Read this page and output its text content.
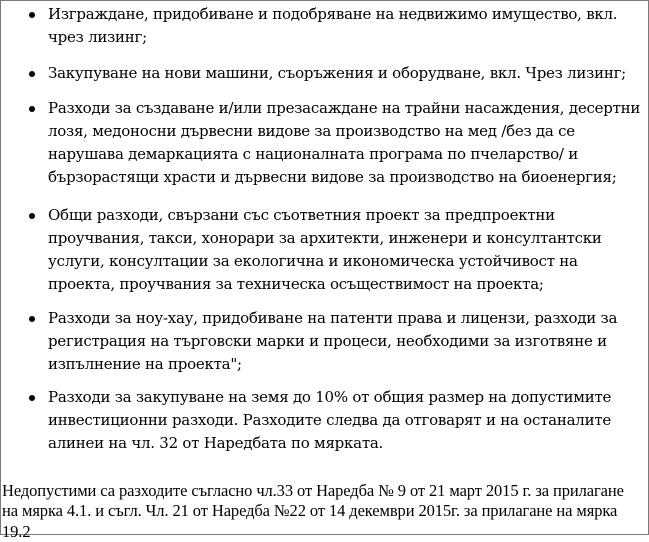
Изграждане, придобиване и подобряване на недвижимо имущество, вкл. чрез лизинг;
Закупуване на нови машини, съоръжения и оборудване, вкл. Чрез лизинг;
Разходи за създаване и/или презасаждане на трайни насаждения, десертни лозя, медоносни дървесни видове за производство на мед /без да се нарушава демаркацията с националната програма по пчеларство/ и бързорастящи храсти и дървесни видове за производство на биоенергия;
Общи разходи, свързани със съответния проект за предпроектни проучвания, такси, хонорари за архитекти, инженери и консултантски услуги, консултации за екологична и икономическа устойчивост на проекта, проучвания за техническа осъществимост на проекта;
Разходи за ноу-хау, придобиване на патенти права и лицензи, разходи за регистрация на търговски марки и процеси, необходими за изготвяне и изпълнение на проекта";
Разходи за закупуване на земя до 10% от общия размер на допустимите инвестиционни разходи. Разходите следва да отговарят и на останалите алинеи на чл. 32 от Наредбата по мярката.

Недопустими са разходите съгласно чл.33 от Наредба № 9 от 21 март 2015 г. за прилагане на мярка 4.1. и съгл. Чл. 21 от Наредба №22 от 14 декември 2015г. за прилагане на мярка 19.2
